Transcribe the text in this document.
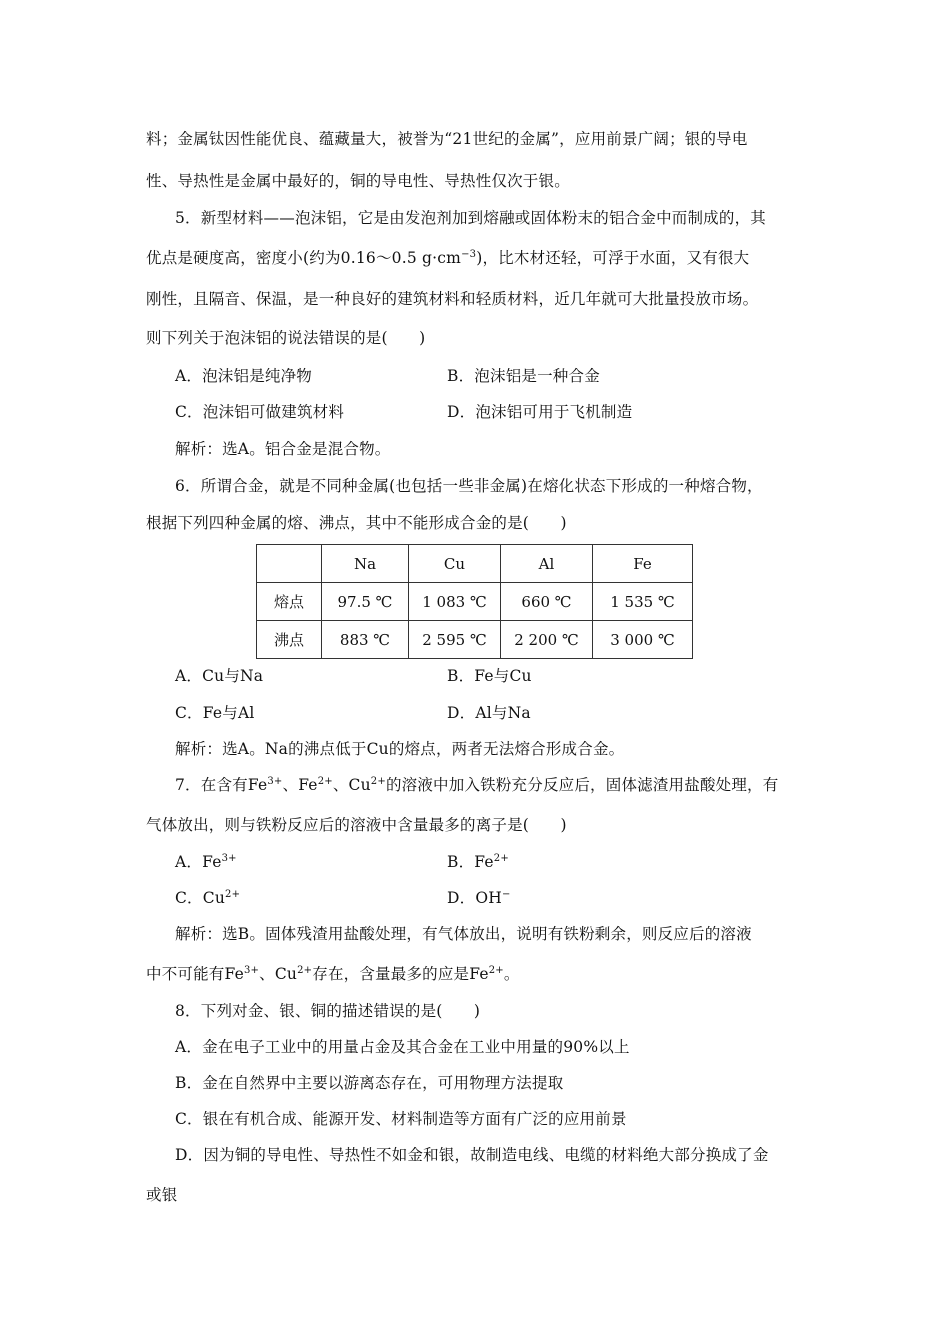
料；金属钛因性能优良、蕴藏量大，被誉为“21世纪的金属”，应用前景广阔；银的导电
性、导热性是金属中最好的，铜的导电性、导热性仅次于银。
5．新型材料——泡沫铝，它是由发泡剂加到熔融或固体粉末的铝合金中而制成的，其
优点是硬度高，密度小(约为0.16～0.5 $g\cdot cm^{-3}$)，比木材还轻，可浮于水面，又有很大
刚性，且隔音、保温，是一种良好的建筑材料和轻质材料，近几年就可大批量投放市场。
则下列关于泡沫铝的说法错误的是(　　)
A．泡沫铝是纯净物	B．泡沫铝是一种合金
C．泡沫铝可做建筑材料	D．泡沫铝可用于飞机制造
解析：选A。铝合金是混合物。
6．所谓合金，就是不同种金属(也包括一些非金属)在熔化状态下形成的一种熔合物，
根据下列四种金属的熔、沸点，其中不能形成合金的是(　　)
	Na	Cu	Al	Fe
熔点	97.5 ℃	1 083 ℃	660 ℃	1 535 ℃
沸点	883 ℃	2 595 ℃	2 200 ℃	3 000 ℃
A．Cu与Na	B．Fe与Cu
C．Fe与Al	D．Al与Na
解析：选A。Na的沸点低于Cu的熔点，两者无法熔合形成合金。
7．在含有$Fe^{3+}$、$Fe^{2+}$、$Cu^{2+}$的溶液中加入铁粉充分反应后，固体滤渣用盐酸处理，有
气体放出，则与铁粉反应后的溶液中含量最多的离子是(　　)
A．$Fe^{3+}$	B．$Fe^{2+}$
C．$Cu^{2+}$	D．OH−
解析：选B。固体残渣用盐酸处理，有气体放出，说明有铁粉剩余，则反应后的溶液
中不可能有$Fe^{3+}$、$Cu^{2+}$存在，含量最多的应是$Fe^{2+}$。
8．下列对金、银、铜的描述错误的是(　　)
A．金在电子工业中的用量占金及其合金在工业中用量的90%以上
B．金在自然界中主要以游离态存在，可用物理方法提取
C．银在有机合成、能源开发、材料制造等方面有广泛的应用前景
D．因为铜的导电性、导热性不如金和银，故制造电线、电缆的材料绝大部分换成了金
或银
